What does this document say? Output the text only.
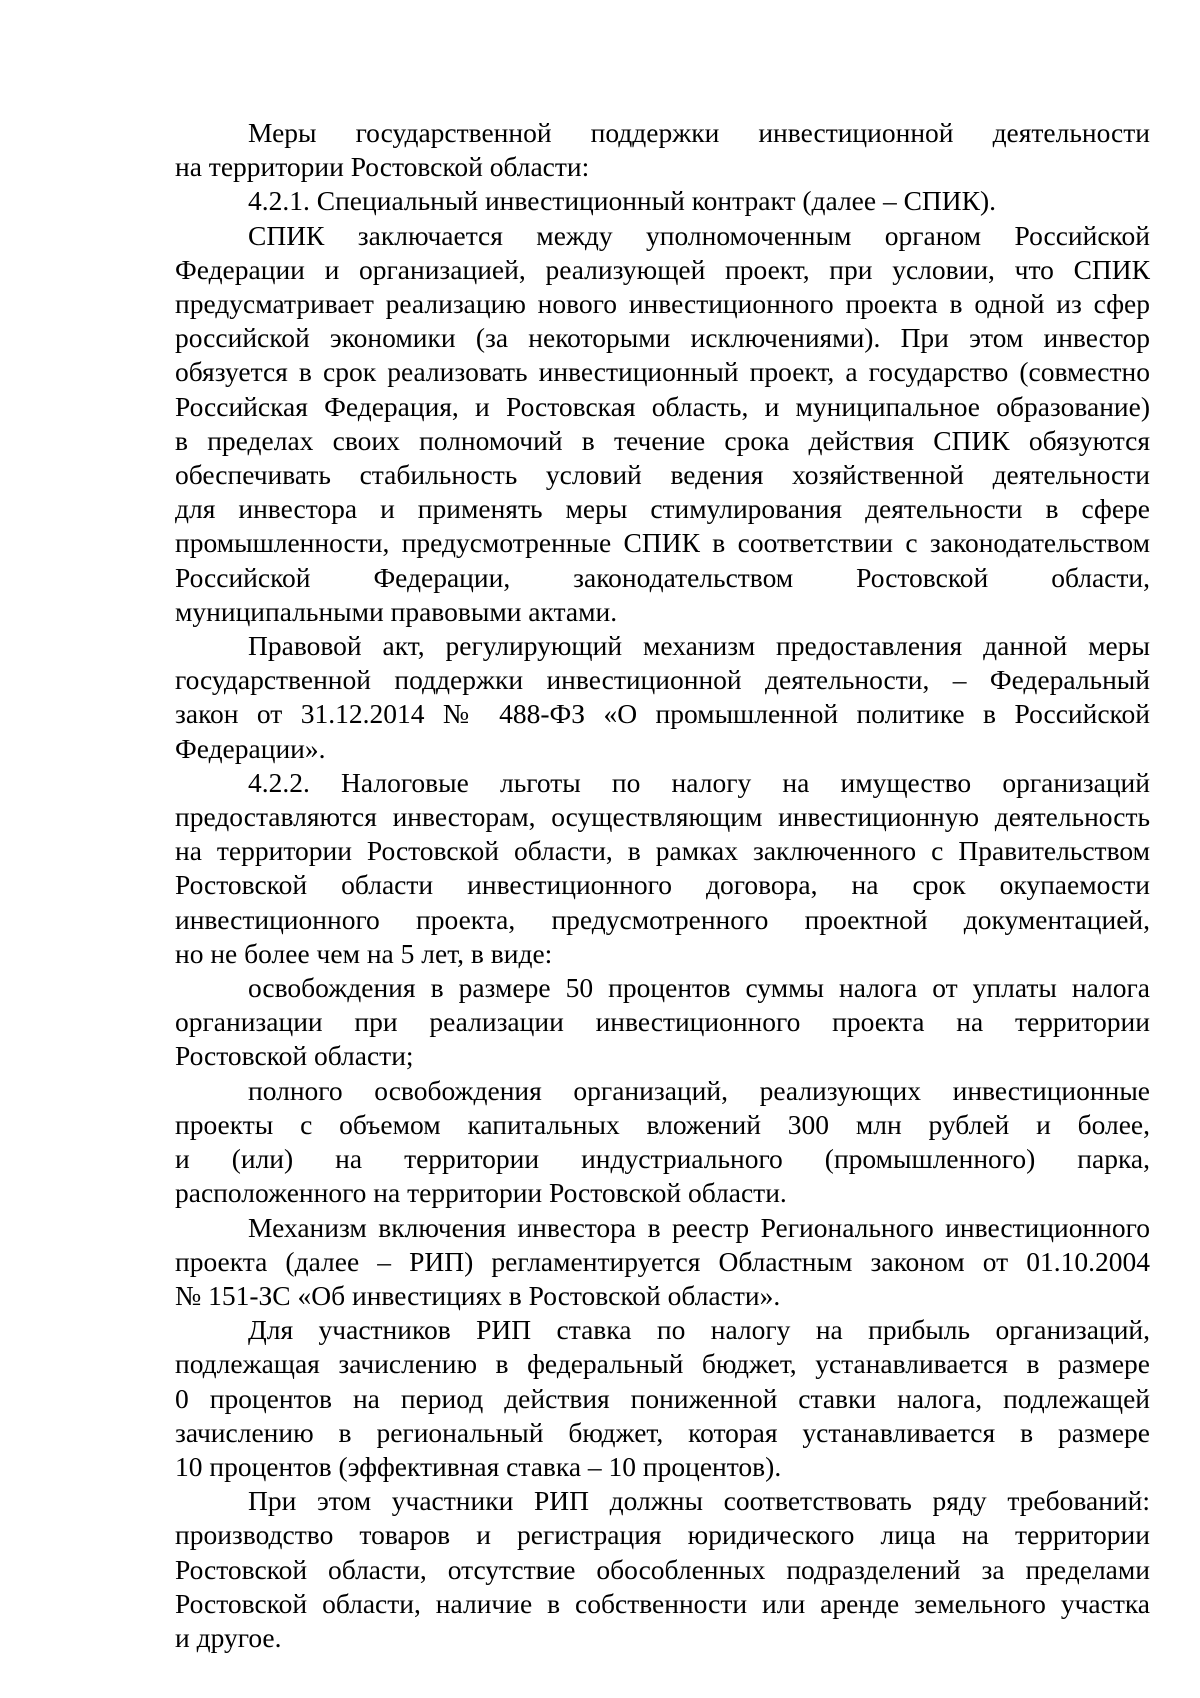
Меры государственной поддержки инвестиционной деятельности
на территории Ростовской области:
4.2.1. Специальный инвестиционный контракт (далее – СПИК).
СПИК заключается между уполномоченным органом Российской
Федерации и организацией, реализующей проект, при условии, что СПИК
предусматривает реализацию нового инвестиционного проекта в одной из сфер
российской экономики (за некоторыми исключениями). При этом инвестор
обязуется в срок реализовать инвестиционный проект, а государство (совместно
Российская Федерация, и Ростовская область, и муниципальное образование)
в пределах своих полномочий в течение срока действия СПИК обязуются
обеспечивать стабильность условий ведения хозяйственной деятельности
для инвестора и применять меры стимулирования деятельности в сфере
промышленности, предусмотренные СПИК в соответствии с законодательством
Российской Федерации, законодательством Ростовской области,
муниципальными правовыми актами.
Правовой акт, регулирующий механизм предоставления данной меры
государственной поддержки инвестиционной деятельности, – Федеральный
закон от 31.12.2014 № 488-ФЗ «О промышленной политике в Российской
Федерации».
4.2.2. Налоговые льготы по налогу на имущество организаций
предоставляются инвесторам, осуществляющим инвестиционную деятельность
на территории Ростовской области, в рамках заключенного с Правительством
Ростовской области инвестиционного договора, на срок окупаемости
инвестиционного проекта, предусмотренного проектной документацией,
но не более чем на 5 лет, в виде:
освобождения в размере 50 процентов суммы налога от уплаты налога
организации при реализации инвестиционного проекта на территории
Ростовской области;
полного освобождения организаций, реализующих инвестиционные
проекты с объемом капитальных вложений 300 млн рублей и более,
и (или) на территории индустриального (промышленного) парка,
расположенного на территории Ростовской области.
Механизм включения инвестора в реестр Регионального инвестиционного
проекта (далее – РИП) регламентируется Областным законом от 01.10.2004
№ 151-ЗС «Об инвестициях в Ростовской области».
Для участников РИП ставка по налогу на прибыль организаций,
подлежащая зачислению в федеральный бюджет, устанавливается в размере
0 процентов на период действия пониженной ставки налога, подлежащей
зачислению в региональный бюджет, которая устанавливается в размере
10 процентов (эффективная ставка – 10 процентов).
При этом участники РИП должны соответствовать ряду требований:
производство товаров и регистрация юридического лица на территории
Ростовской области, отсутствие обособленных подразделений за пределами
Ростовской области, наличие в собственности или аренде земельного участка
и другое.
